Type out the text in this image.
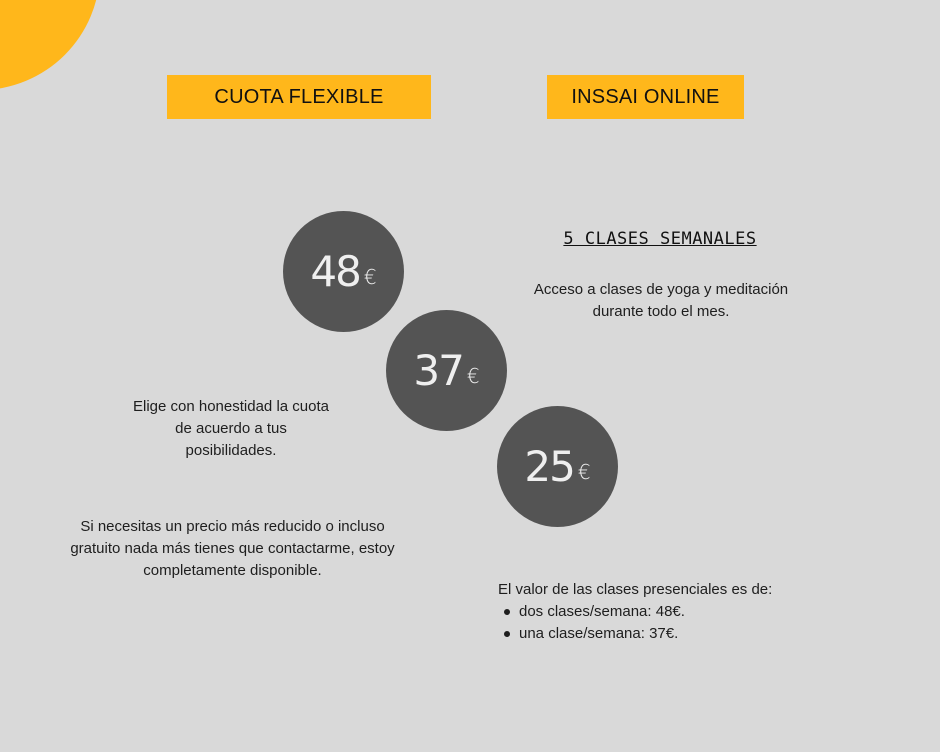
CUOTA FLEXIBLE	INSSAI ONLINE
48 €
37 €
25 €
5 CLASES SEMANALES
Acceso a clases de yoga y meditación durante todo el mes.
Elige con honestidad la cuota de acuerdo a tus posibilidades.
Si necesitas un precio más reducido o incluso gratuito nada más tienes que contactarme, estoy completamente disponible.
El valor de las clases presenciales es de:
dos clases/semana: 48€.
una clase/semana: 37€.
